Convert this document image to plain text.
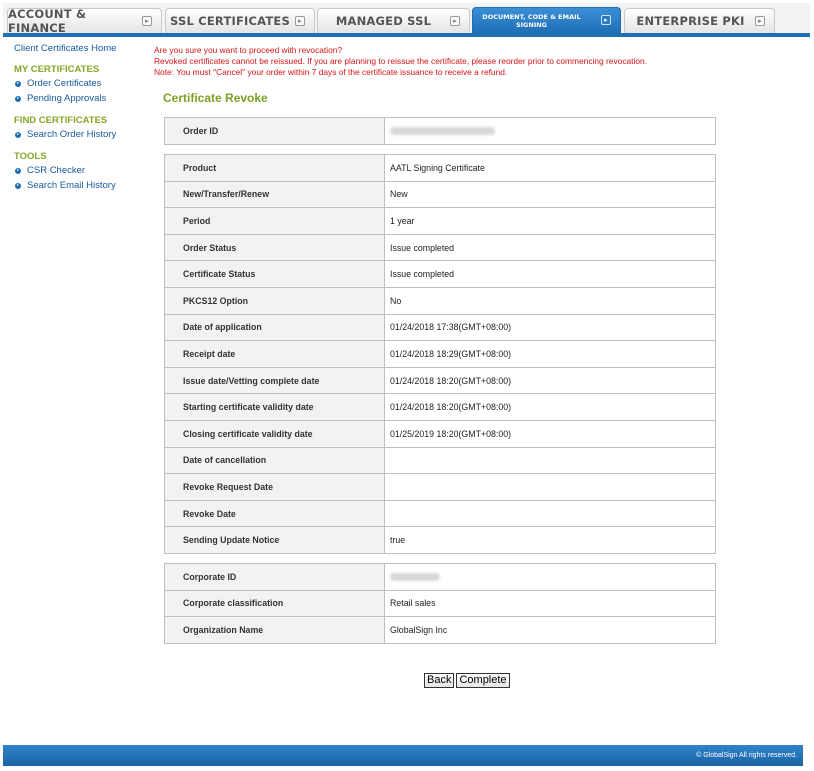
ACCOUNT & FINANCE	▸ SSL CERTIFICATES	▸	MANAGED SSL	▸
DOCUMENT, CODE & EMAIL SIGNING
▸ ENTERPRISE PKI	▸
Client Certificates Home
MY CERTIFICATES
Order Certificates
Pending Approvals
FIND CERTIFICATES
Search Order History
TOOLS
CSR Checker
Search Email History
Are you sure you want to proceed with revocation?
Revoked certificates cannot be reissued. If you are planning to reissue the certificate, please reorder prior to commencing revocation.
Note: You must "Cancel" your order within 7 days of the certificate issuance to receive a refund.
Certificate Revoke
Order ID	
Product	AATL Signing Certificate
New/Transfer/Renew	New
Period	1 year
Order Status	Issue completed
Certificate Status	Issue completed
PKCS12 Option	No
Date of application	01/24/2018 17:38(GMT+08:00)
Receipt date	01/24/2018 18:29(GMT+08:00)
Issue date/Vetting complete date	01/24/2018 18:20(GMT+08:00)
Starting certificate validity date	01/24/2018 18:20(GMT+08:00)
Closing certificate validity date	01/25/2019 18:20(GMT+08:00)
Date of cancellation	
Revoke Request Date	
Revoke Date	
Sending Update Notice	true
Corporate ID	
Corporate classification	Retail sales
Organization Name	GlobalSign Inc
Back Complete
© GlobalSign All rights reserved.
